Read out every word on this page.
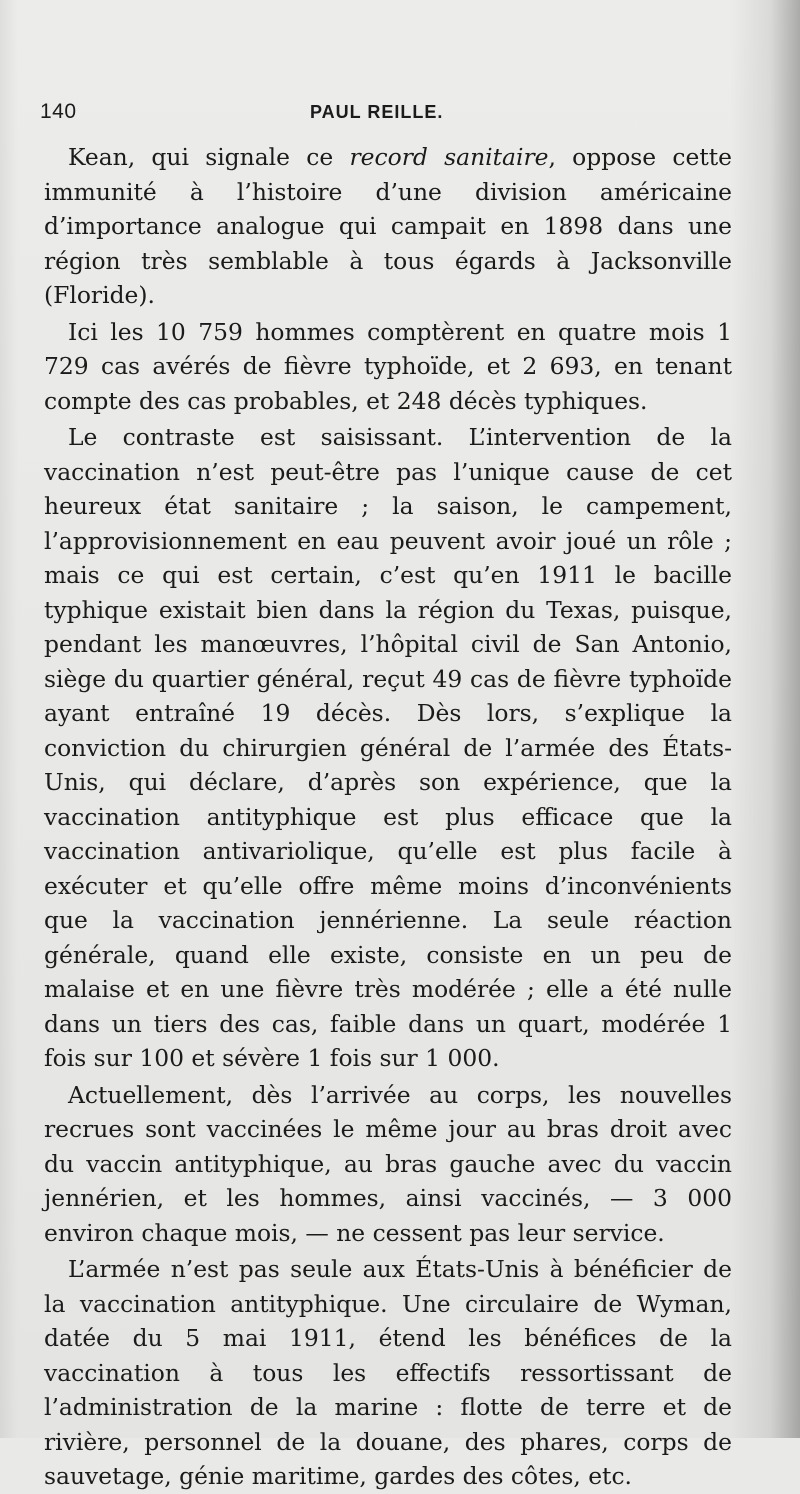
140	PAUL REILLE.

Kean, qui signale ce record sanitaire, oppose cette immunité à l’histoire d’une division américaine d’importance analogue qui campait en 1898 dans une région très semblable à tous égards à Jacksonville (Floride).

Ici les 10 759 hommes comptèrent en quatre mois 1 729 cas avérés de fièvre typhoïde, et 2 693, en tenant compte des cas probables, et 248 décès typhiques.

Le contraste est saisissant. L’intervention de la vaccination n’est peut-être pas l’unique cause de cet heureux état sanitaire ; la saison, le campement, l’approvisionnement en eau peuvent avoir joué un rôle ; mais ce qui est certain, c’est qu’en 1911 le bacille typhique existait bien dans la région du Texas, puisque, pendant les manœuvres, l’hôpital civil de San Antonio, siège du quartier général, reçut 49 cas de fièvre typhoïde ayant entraîné 19 décès. Dès lors, s’explique la conviction du chirurgien général de l’armée des États-Unis, qui déclare, d’après son expérience, que la vaccination antityphique est plus efficace que la vaccination antivariolique, qu’elle est plus facile à exécuter et qu’elle offre même moins d’inconvénients que la vaccination jennérienne. La seule réaction générale, quand elle existe, consiste en un peu de malaise et en une fièvre très modérée ; elle a été nulle dans un tiers des cas, faible dans un quart, modérée 1 fois sur 100 et sévère 1 fois sur 1 000.

Actuellement, dès l’arrivée au corps, les nouvelles recrues sont vaccinées le même jour au bras droit avec du vaccin antityphique, au bras gauche avec du vaccin jennérien, et les hommes, ainsi vaccinés, — 3 000 environ chaque mois, — ne cessent pas leur service.

L’armée n’est pas seule aux États-Unis à bénéficier de la vaccination antityphique. Une circulaire de Wyman, datée du 5 mai 1911, étend les bénéfices de la vaccination à tous les effectifs ressortissant de l’administration de la marine : flotte de terre et de rivière, personnel de la douane, des phares, corps de sauvetage, génie maritime, gardes des côtes, etc.
